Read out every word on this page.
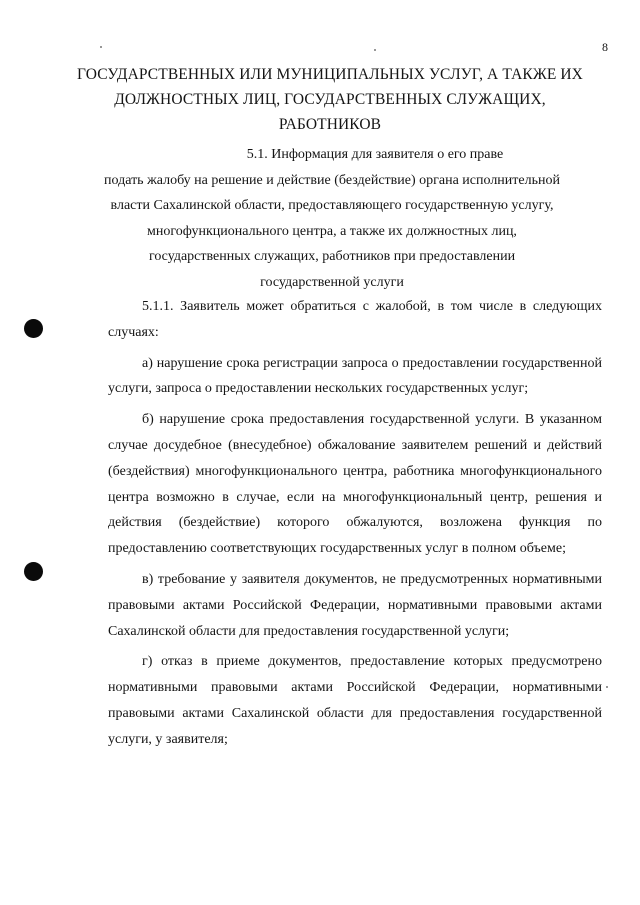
8
ГОСУДАРСТВЕННЫХ ИЛИ МУНИЦИПАЛЬНЫХ УСЛУГ, А ТАКЖЕ ИХ
ДОЛЖНОСТНЫХ ЛИЦ, ГОСУДАРСТВЕННЫХ СЛУЖАЩИХ,
РАБОТНИКОВ
5.1. Информация для заявителя о его праве
подать жалобу на решение и действие (бездействие) органа исполнительной власти Сахалинской области, предоставляющего государственную услугу, многофункционального центра, а также их должностных лиц, государственных служащих, работников при предоставлении государственной услуги

5.1.1. Заявитель может обратиться с жалобой, в том числе в следующих случаях:

а) нарушение срока регистрации запроса о предоставлении государственной услуги, запроса о предоставлении нескольких государственных услуг;

б) нарушение срока предоставления государственной услуги. В указанном случае досудебное (внесудебное) обжалование заявителем решений и действий (бездействия) многофункционального центра, работника многофункционального центра возможно в случае, если на многофункциональный центр, решения и действия (бездействие) которого обжалуются, возложена функция по предоставлению соответствующих государственных услуг в полном объеме;

в) требование у заявителя документов, не предусмотренных нормативными правовыми актами Российской Федерации, нормативными правовыми актами Сахалинской области для предоставления государственной услуги;

г) отказ в приеме документов, предоставление которых предусмотрено нормативными правовыми актами Российской Федерации, нормативными правовыми актами Сахалинской области для предоставления государственной услуги, у заявителя;
